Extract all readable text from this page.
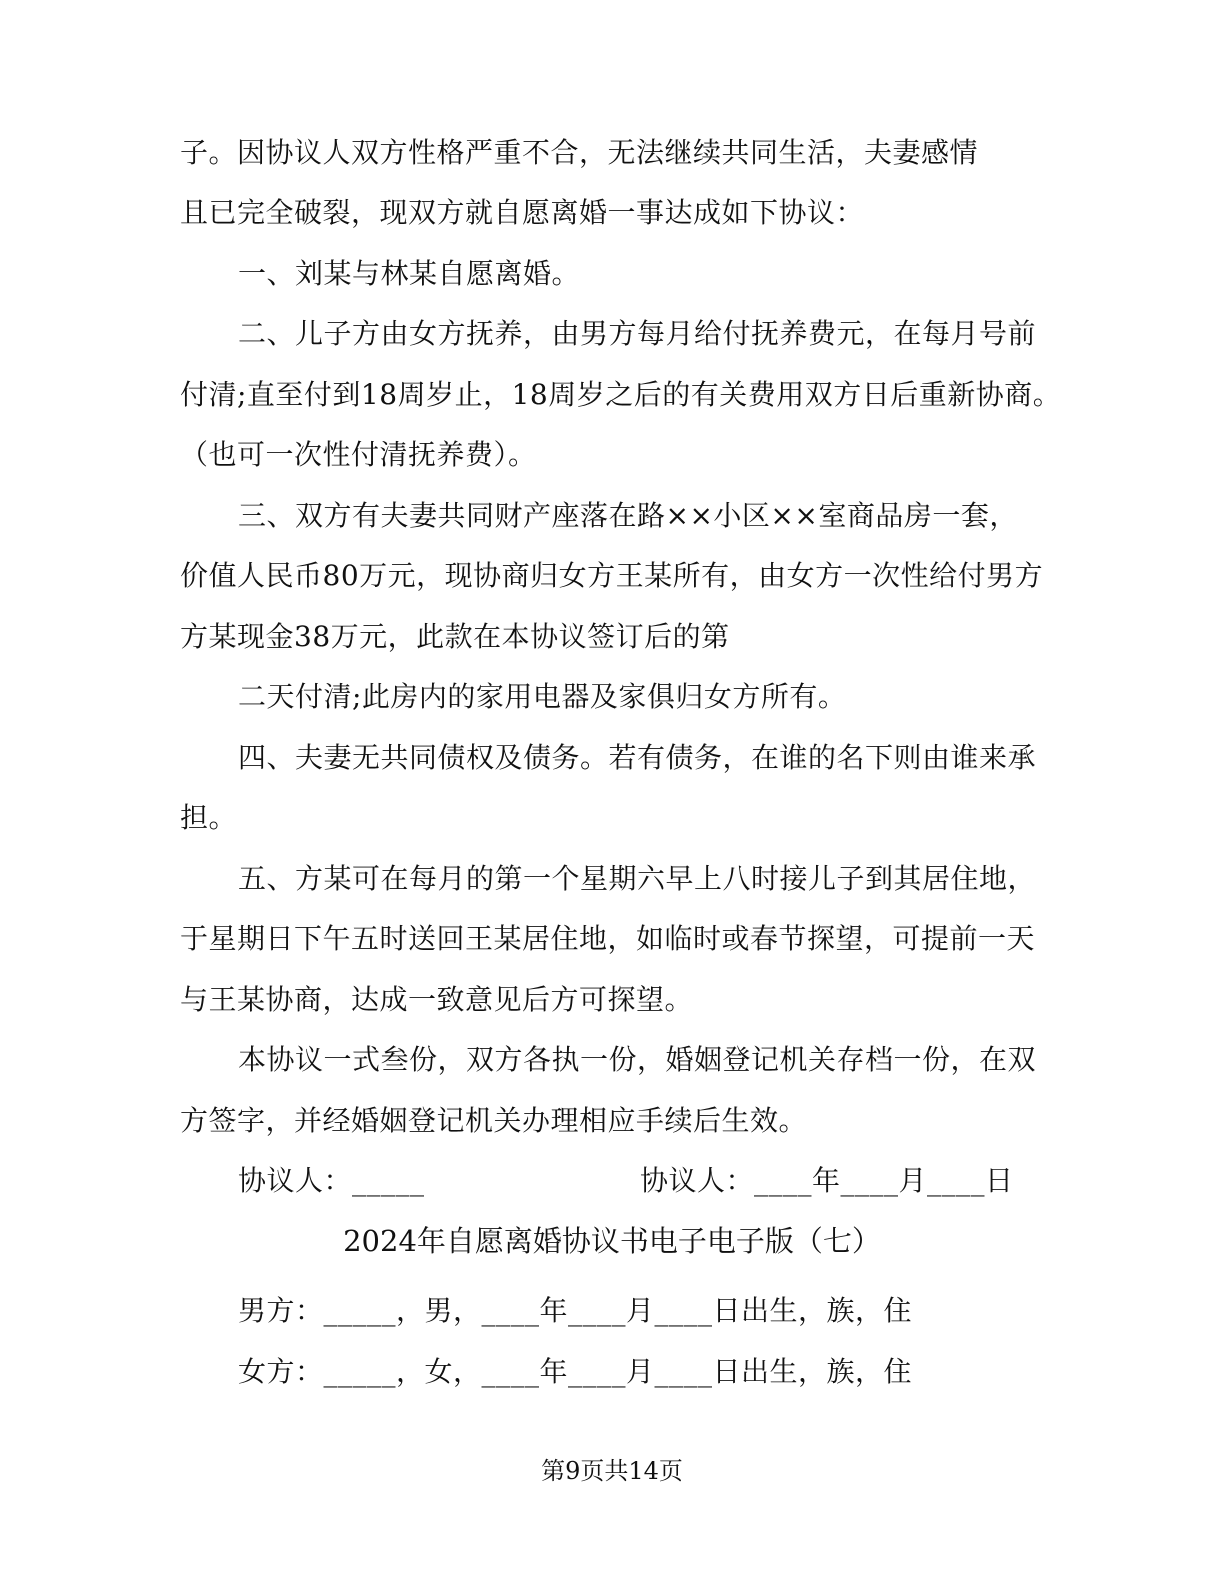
子。因协议人双方性格严重不合，无法继续共同生活，夫妻感情
且已完全破裂，现双方就自愿离婚一事达成如下协议：
一、刘某与林某自愿离婚。
二、儿子方由女方抚养，由男方每月给付抚养费元，在每月号前
付清;直至付到18周岁止，18周岁之后的有关费用双方日后重新协商。
（也可一次性付清抚养费）。
三、双方有夫妻共同财产座落在路××小区××室商品房一套，
价值人民币80万元，现协商归女方王某所有，由女方一次性给付男方
方某现金38万元，此款在本协议签订后的第
二天付清;此房内的家用电器及家俱归女方所有。
四、夫妻无共同债权及债务。若有债务，在谁的名下则由谁来承
担。
五、方某可在每月的第一个星期六早上八时接儿子到其居住地，
于星期日下午五时送回王某居住地，如临时或春节探望，可提前一天
与王某协商，达成一致意见后方可探望。
本协议一式叁份，双方各执一份，婚姻登记机关存档一份，在双
方签字，并经婚姻登记机关办理相应手续后生效。
协议人：_____	协议人：____年____月____日
2024年自愿离婚协议书电子电子版（七）
男方：_____，男，____年____月____日出生，族，住
女方：_____，女，____年____月____日出生，族，住
第9页共14页
